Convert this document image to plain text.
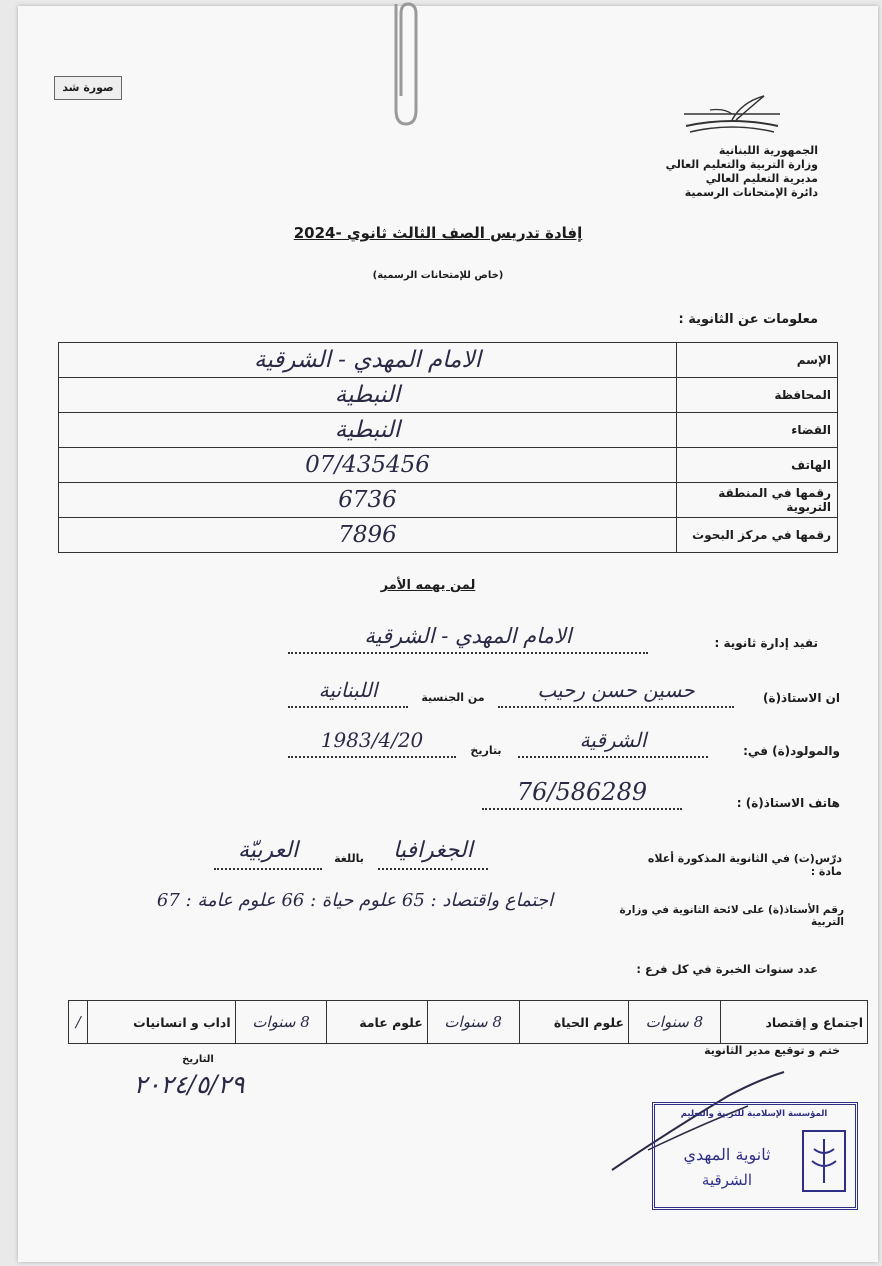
صورة شد
الجمهورية اللبنانية
وزارة التربية والتعليم العالي
مديرية التعليم العالي
دائرة الإمتحانات الرسمية
إفادة تدريس الصف الثالث ثانوي -2024
(خاص للإمتحانات الرسمية)
معلومات عن الثانوية :
الإسم	الامام المهدي - الشرقية
المحافظة	النبطية
القضاء	النبطية
الهاتف	07/435456
رقمها في المنطقة التربوية	6736
رقمها في مركز البحوث	7896
لمن يهمه الأمر
تفيد إدارة ثانوية :
الامام المهدي - الشرقية
ان الاستاذ(ة)
حسين حسن رحيب
من الجنسية
اللبنانية
والمولود(ة) في:
الشرقية
بتاريخ
1983/4/20
هاتف الاستاذ(ة) :
76/586289
درّس(ت) في الثانوية المذكورة أعلاه مادة :
الجغرافيا
باللغة
العربيّة
رقم الأستاذ(ة) على لائحة الثانوية في وزارة التربية
اجتماع واقتصاد : 65 علوم حياة : 66 علوم عامة : 67
عدد سنوات الخبرة في كل فرع :
اجتماع و إقتصاد	8 سنوات	علوم الحياة	8 سنوات	علوم عامة	8 سنوات	اداب و انسانيات	/
ختم و توقيع مدير الثانوية
التاريخ
٢٠٢٤/٥/٢٩
المؤسسة الإسلامية للتربية والتعليم
ثانوية المهدي
الشرقية
